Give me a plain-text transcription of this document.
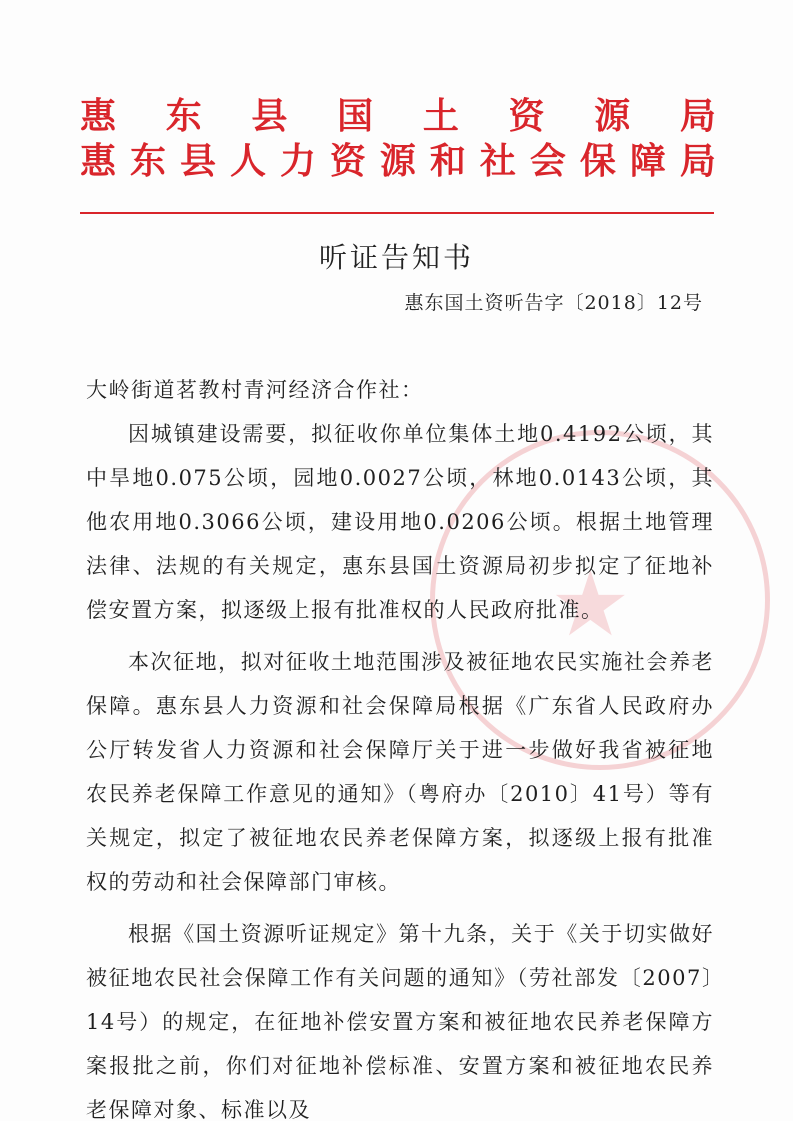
惠 东 县 国 土 资 源 局
惠 东 县 人 力 资 源 和 社 会 保 障 局
听证告知书
惠东国土资听告字〔2018〕12号
★

大岭街道茗教村青河经济合作社：

因城镇建设需要，拟征收你单位集体土地0.4192公顷，其中旱地0.075公顷，园地0.0027公顷，林地0.0143公顷，其他农用地0.3066公顷，建设用地0.0206公顷。根据土地管理法律、法规的有关规定，惠东县国土资源局初步拟定了征地补偿安置方案，拟逐级上报有批准权的人民政府批准。

本次征地，拟对征收土地范围涉及被征地农民实施社会养老保障。惠东县人力资源和社会保障局根据《广东省人民政府办公厅转发省人力资源和社会保障厅关于进一步做好我省被征地农民养老保障工作意见的通知》（粤府办〔2010〕41号）等有关规定，拟定了被征地农民养老保障方案，拟逐级上报有批准权的劳动和社会保障部门审核。

根据《国土资源听证规定》第十九条，关于《关于切实做好被征地农民社会保障工作有关问题的通知》（劳社部发〔2007〕14号）的规定，在征地补偿安置方案和被征地农民养老保障方案报批之前，你们对征地补偿标准、安置方案和被征地农民养老保障对象、标准以及
